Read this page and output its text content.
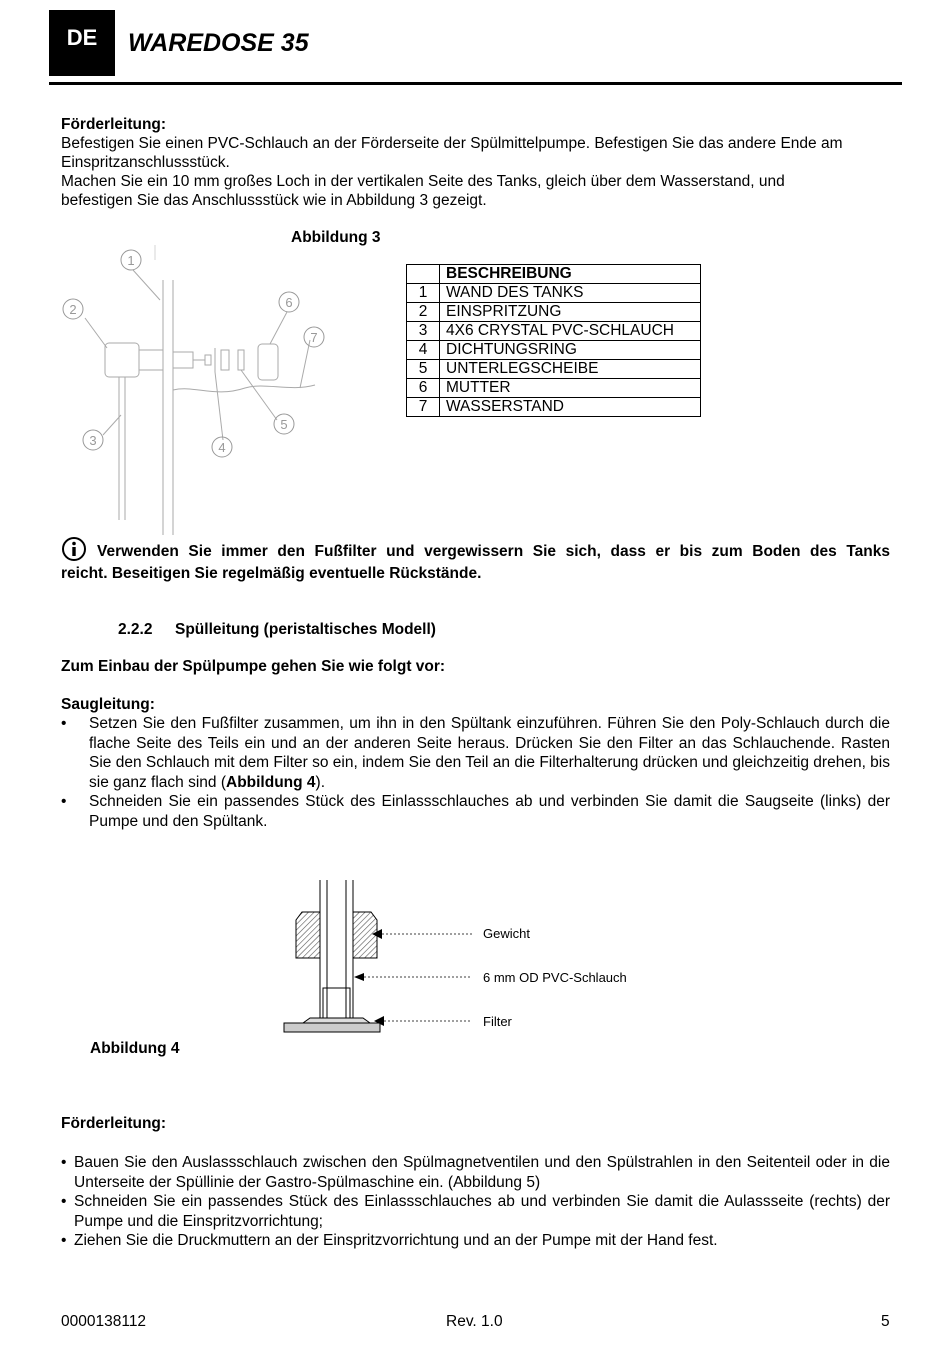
DE	WAREDOSE 35
Förderleitung:
Befestigen Sie einen PVC-Schlauch an der Förderseite der Spülmittelpumpe. Befestigen Sie das andere Ende am
Einspritzanschlussstück.
Machen Sie ein 10 mm großes Loch in der vertikalen Seite des Tanks, gleich über dem Wasserstand, und
befestigen Sie das Anschlussstück wie in Abbildung 3 gezeigt.
Abbildung 3
1
2
3	4
5
6
7
	BESCHREIBUNG
1	WAND DES TANKS
2	EINSPRITZUNG
3	4X6 CRYSTAL PVC-SCHLAUCH
4	DICHTUNGSRING
5	UNTERLEGSCHEIBE
6	MUTTER
7	WASSERSTAND
Verwenden Sie immer den Fußfilter und vergewissern Sie sich, dass er bis zum Boden des Tanks
reicht. Beseitigen Sie regelmäßig eventuelle Rückstände.
2.2.2 Spülleitung (peristaltisches Modell)
Zum Einbau der Spülpumpe gehen Sie wie folgt vor:
Saugleitung:
• Setzen Sie den Fußfilter zusammen, um ihn in den Spültank einzuführen. Führen Sie den Poly-Schlauch durch die flache Seite des Teils ein und an der anderen Seite heraus. Drücken Sie den Filter an das Schlauchende. Rasten Sie den Schlauch mit dem Filter so ein, indem Sie den Teil an die Filterhalterung drücken und gleichzeitig drehen, bis sie ganz flach sind (Abbildung 4).
• Schneiden Sie ein passendes Stück des Einlassschlauches ab und verbinden Sie damit die Saugseite (links) der Pumpe und den Spültank.
Gewicht
6 mm OD PVC-Schlauch
Filter
Abbildung 4
Förderleitung:
• Bauen Sie den Auslassschlauch zwischen den Spülmagnetventilen und den Spülstrahlen in den Seitenteil oder in die Unterseite der Spüllinie der Gastro-Spülmaschine ein. (Abbildung 5)
• Schneiden Sie ein passendes Stück des Einlassschlauches ab und verbinden Sie damit die Aulassseite (rechts) der Pumpe und die Einspritzvorrichtung;
• Ziehen Sie die Druckmuttern an der Einspritzvorrichtung und an der Pumpe mit der Hand fest.
0000138112	Rev. 1.0	5
